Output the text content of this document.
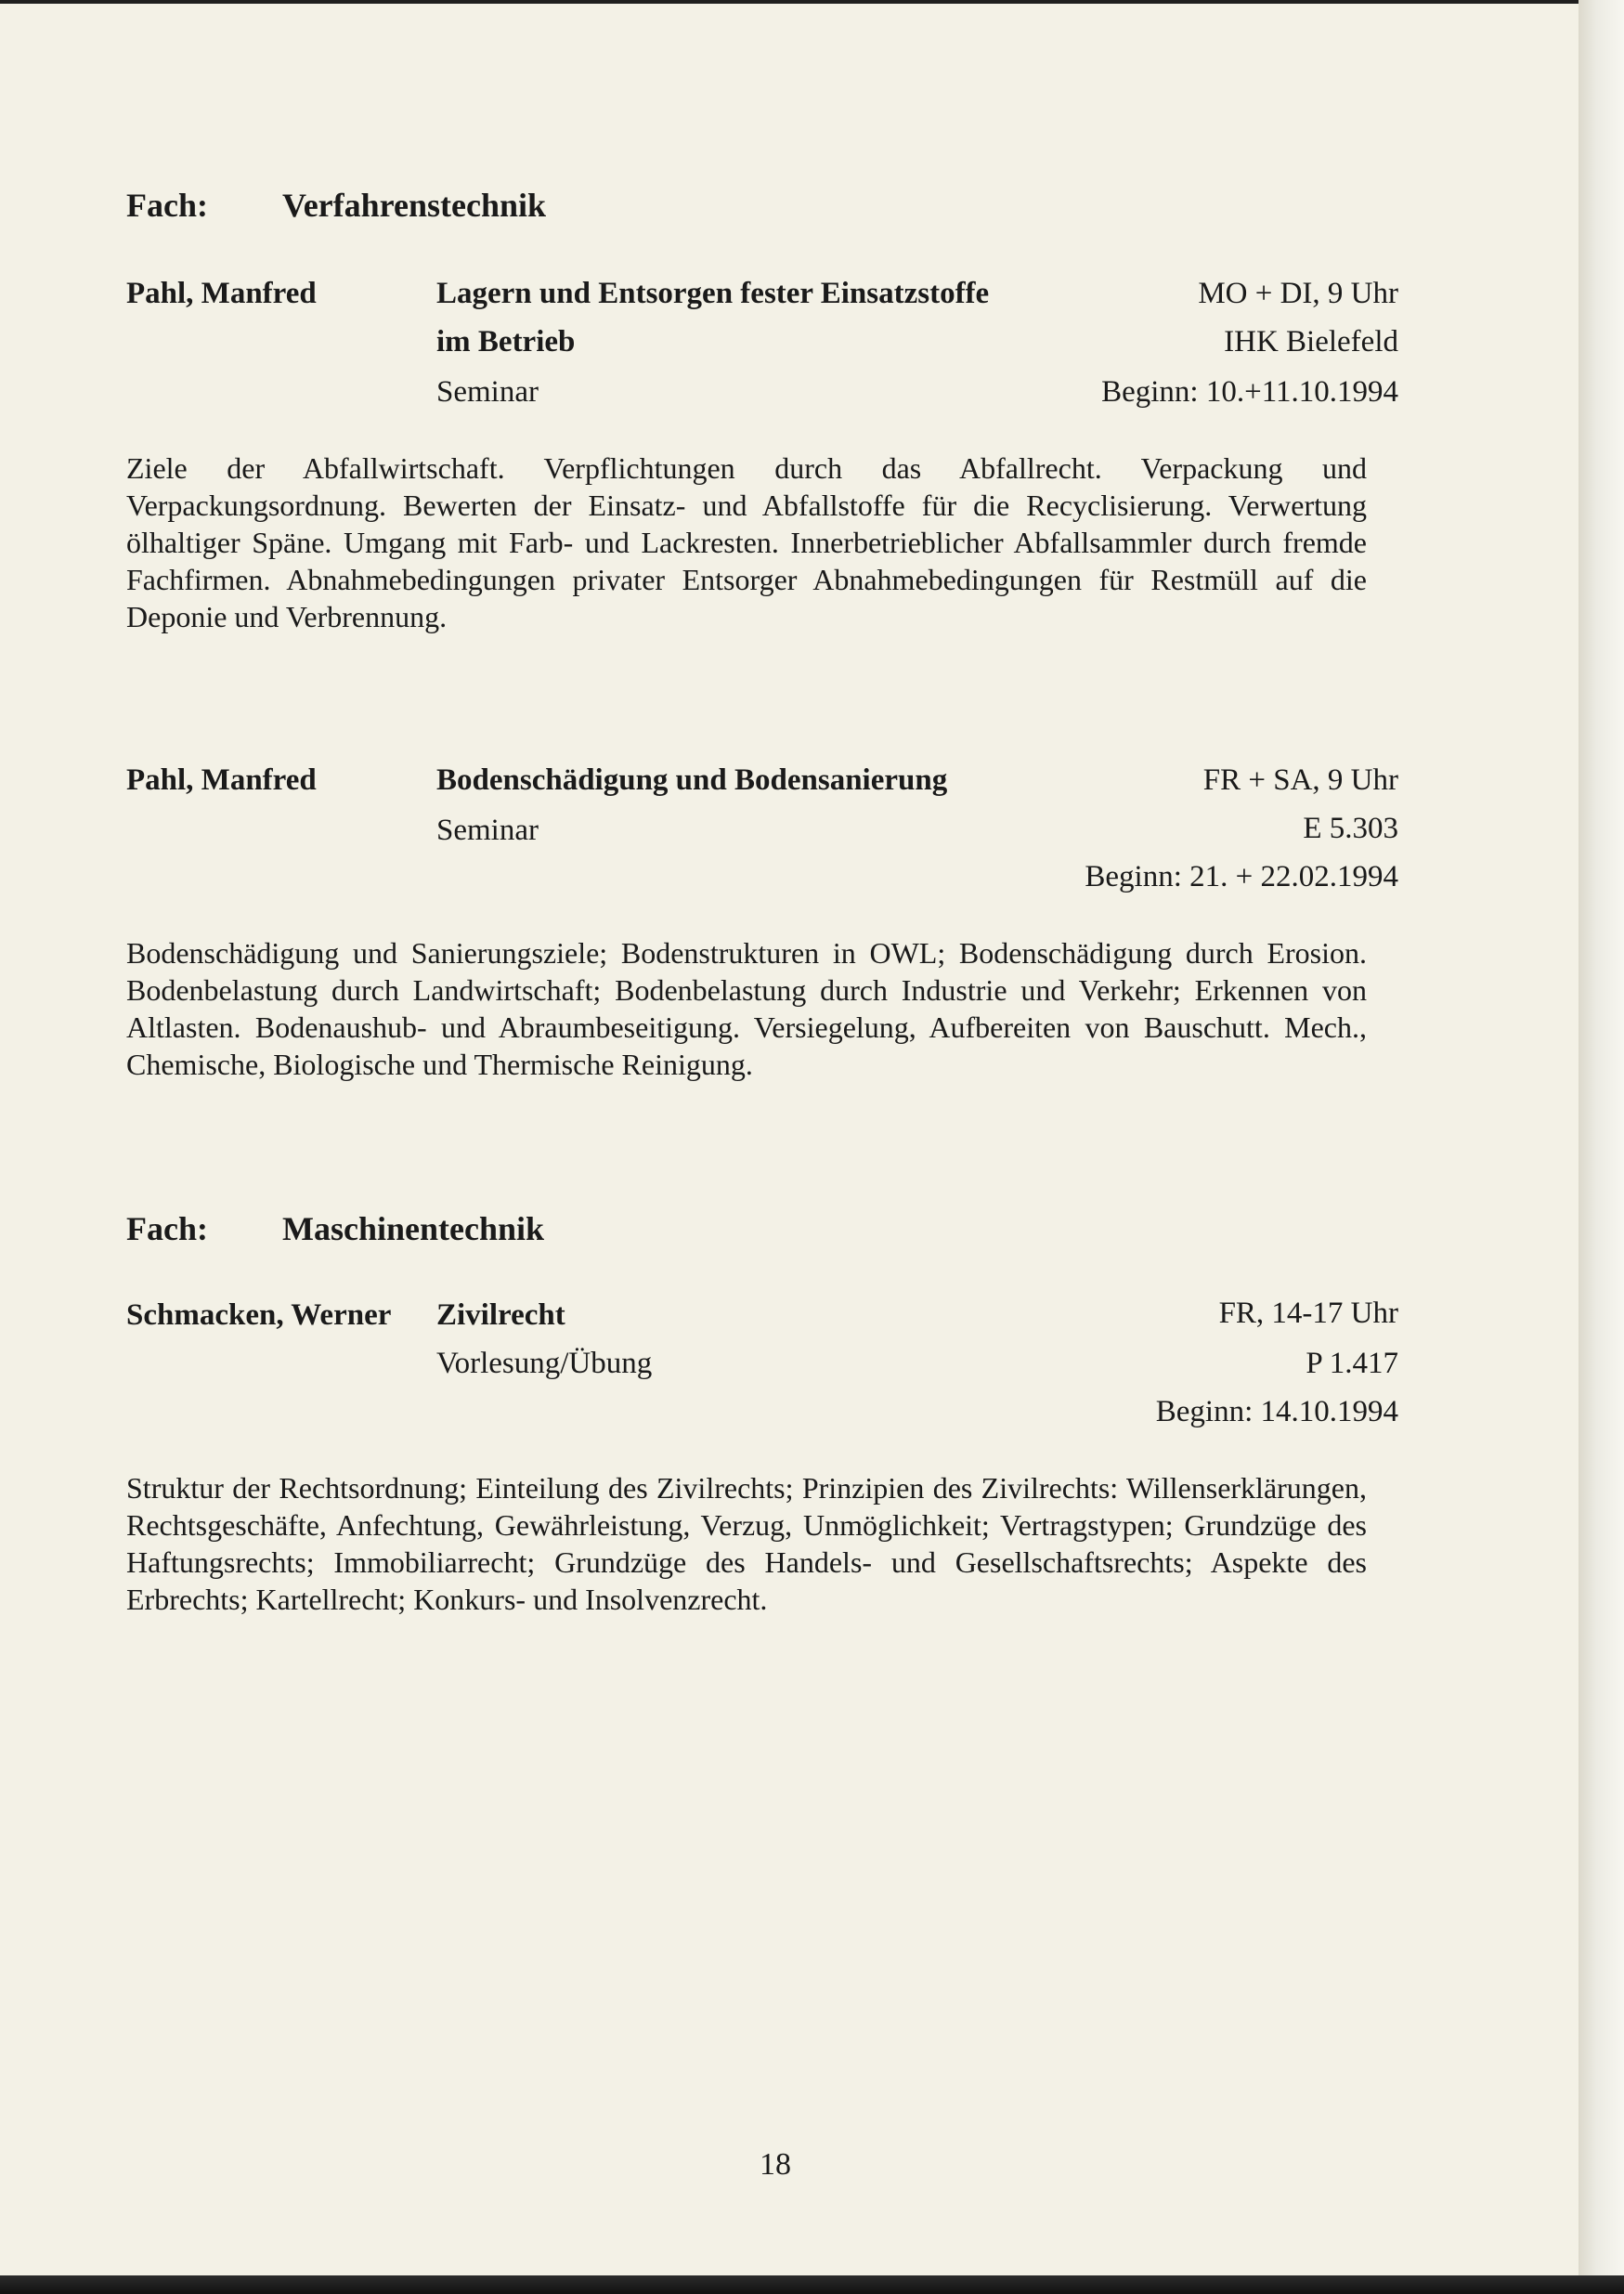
Fach: Verfahrenstechnik
Pahl, Manfred	Lagern und Entsorgen fester Einsatzstoffe
im Betrieb
Seminar
MO + DI, 9 Uhr
IHK Bielefeld
Beginn: 10.+11.10.1994

Ziele der Abfallwirtschaft. Verpflichtungen durch das Abfallrecht. Verpackung und Verpackungsordnung. Bewerten der Einsatz- und Abfallstoffe für die Recyclisierung. Verwertung ölhaltiger Späne. Umgang mit Farb- und Lackresten. Innerbetrieblicher Abfallsammler durch fremde Fachfirmen. Abnahmebedingungen privater Entsorger Abnahmebedingungen für Restmüll auf die Deponie und Verbrennung.

Pahl, Manfred	Bodenschädigung und Bodensanierung
Seminar
FR + SA, 9 Uhr
E 5.303
Beginn: 21. + 22.02.1994

Bodenschädigung und Sanierungsziele; Bodenstrukturen in OWL; Bodenschädigung durch Erosion. Bodenbelastung durch Landwirtschaft; Bodenbelastung durch Industrie und Verkehr; Erkennen von Altlasten. Bodenaushub- und Abraumbeseitigung. Versiegelung, Aufbereiten von Bauschutt. Mech., Chemische, Biologische und Thermische Reinigung.

Fach: Maschinentechnik
Schmacken, Werner Zivilrecht
Vorlesung/Übung
FR, 14-17 Uhr
P 1.417
Beginn: 14.10.1994

Struktur der Rechtsordnung; Einteilung des Zivilrechts; Prinzipien des Zivilrechts: Willenserklärungen, Rechtsgeschäfte, Anfechtung, Gewährleistung, Verzug, Unmöglichkeit; Vertragstypen; Grundzüge des Haftungsrechts; Immobiliarrecht; Grundzüge des Handels- und Gesellschaftsrechts; Aspekte des Erbrechts; Kartellrecht; Konkurs- und Insolvenzrecht.

18
